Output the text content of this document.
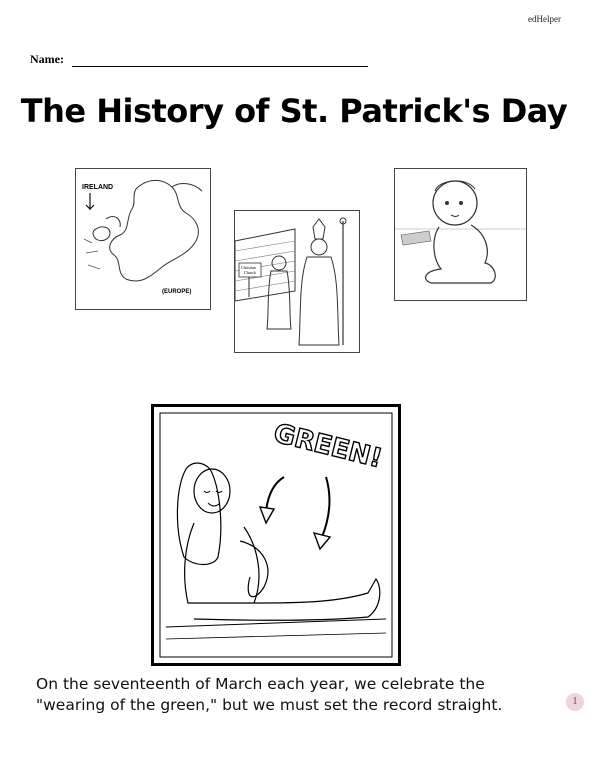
edHelper
Name:
The History of St. Patrick's Day
IRELAND
(EUROPE)
Christian
Church
GREEN!
On the seventeenth of March each year, we celebrate the
"wearing of the green," but we must set the record straight.	1
